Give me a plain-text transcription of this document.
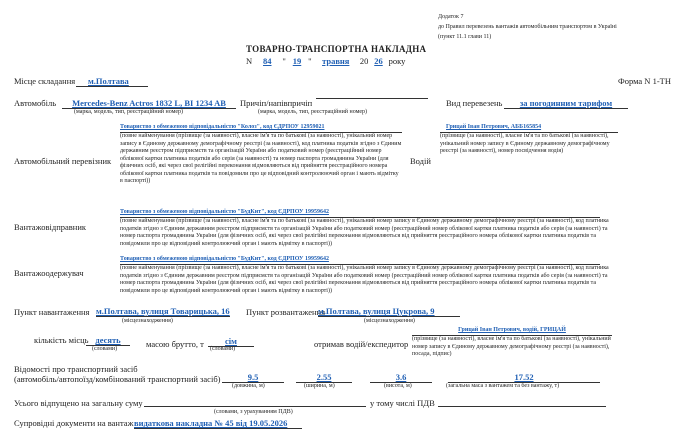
Додаток 7
до Правил перевезень вантажів автомобільним транспортом в Україні
(пункт 11.1 глави 11)
ТОВАРНО-ТРАНСПОРТНА НАКЛАДНА
N 84 " 19 " травня 20 26 року
Місце складання	м.Полтава	Форма N 1-ТН
Автомобіль	Mercedes-Benz Actros 1832 L, BI 1234 AB
(марка, модель, тип, реєстраційний номер)
Причіп/напівпричіп
(марка, модель, тип, реєстраційний номер)
Вид перевезень	за погодинним тарифом
Автомобільний перевізник
Товариство з обмеженою відповідальністю "Колоз", код ЄДРПОУ 12959021
(повне найменування (прізвище (за наявності), власне ім'я та по батькові (за наявності), унікальний номер запису в Єдиному державному демографічному реєстрі (за наявності), код платника податків згідно з Єдиним державним реєстром підприємств та організацій України або податковий номер (реєстраційний номер облікової картки платника податків або серія (за наявності) та номер паспорта громадянина України (для фізичних осіб, які через свої релігійні переконання відмовляються від прийняття реєстраційного номера облікової картки платника податків та повідомили про це відповідний контролюючий орган і мають відмітку в паспорті))
Водій
Грицай Іван Петрович, АББ165854
(прізвище (за наявності), власне ім'я та по батькові (за наявності), унікальний номер запису в Єдиному державному демографічному реєстрі (за наявності), номер посвідчення водія)
Вантажовідправник
Товариство з обмеженою відповідальністю "БудКит", код ЄДРПОУ 19959642
(повне найменування (прізвище (за наявності), власне ім'я та по батькові (за наявності), унікальний номер запису в Єдиному державному демографічному реєстрі (за наявності), код платника податків згідно з Єдиним державним реєстром підприємств та організацій України або податковий номер (реєстраційний номер облікової картки платника податків або серія (за наявності) та номер паспорта громадянина України (для фізичних осіб, які через свої релігійні переконання відмовляються від прийняття реєстраційного номера облікової картки платника податків та повідомили про це відповідний контролюючий орган і мають відмітку в паспорті))
Вантажоодержувач
Товариство з обмеженою відповідальністю "БудКит", код ЄДРПОУ 19959642
(повне найменування (прізвище (за наявності), власне ім'я та по батькові (за наявності), унікальний номер запису в Єдиному державному демографічному реєстрі (за наявності), код платника податків згідно з Єдиним державним реєстром підприємств та організацій України або податковий номер (реєстраційний номер облікової картки платника податків або серія (за наявності) та номер паспорта громадянина України (для фізичних осіб, які через свої релігійні переконання відмовляються від прийняття реєстраційного номера облікової картки платника податків та повідомили про це відповідний контролюючий орган і мають відмітку в паспорті))
Пункт навантаження м.Полтава, вулиця Товарицька, 16
(місцезнаходження)
Пункт розвантаження
м.Полтава, вулиця Цукрова, 9
(місцезнаходження)
кількість місць десять
(словами)	масою брутто, т	сім
(словами)	отримав водій/експедитор
Грицай Іван Петрович, водій, ГРИЦАЙ
(прізвище (за наявності), власне ім'я та по батькові (за наявності), унікальний номер запису в Єдиному державному демографічному реєстрі (за наявності), посада, підпис)
Відомості про транспортний засіб
(автомобіль/автопоїзд/комбінований транспортний засіб)	9.5
(довжина, м)
2.55
(ширина, м)
3.6
(висота, м)
17.52
(загальна маса з вантажем та без вантажу, т)
Усього відпущено на загальну суму
(словами, з урахуванням ПДВ)
у тому числі ПДВ
Супровідні документи на вантаж видаткова накладна № 45 від 19.05.2026
